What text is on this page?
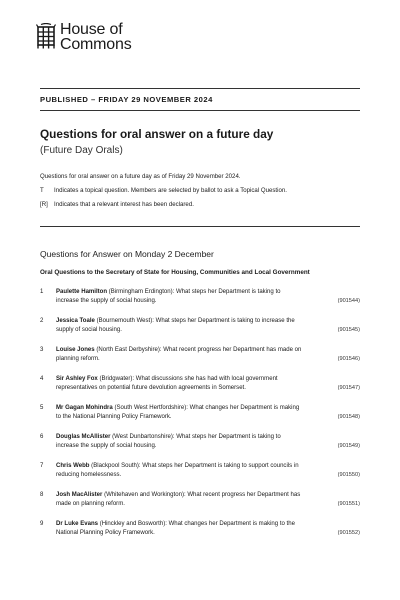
House of
Commons
PUBLISHED – FRIDAY 29 NOVEMBER 2024
Questions for oral answer on a future day
(Future Day Orals)
Questions for oral answer on a future day as of Friday 29 November 2024.
T	Indicates a topical question. Members are selected by ballot to ask a Topical Question.
[R]	Indicates that a relevant interest has been declared.
Questions for Answer on Monday 2 December
Oral Questions to the Secretary of State for Housing, Communities and Local Government
1	Paulette Hamilton (Birmingham Erdington): What steps her Department is taking to
increase the supply of social housing.	(901544)
2	Jessica Toale (Bournemouth West): What steps her Department is taking to increase the
supply of social housing.	(901545)
3	Louise Jones (North East Derbyshire): What recent progress her Department has made on
planning reform.	(901546)
4	Sir Ashley Fox (Bridgwater): What discussions she has had with local government
representatives on potential future devolution agreements in Somerset.	(901547)
5	Mr Gagan Mohindra (South West Hertfordshire): What changes her Department is making
to the National Planning Policy Framework.	(901548)
6	Douglas McAllister (West Dunbartonshire): What steps her Department is taking to
increase the supply of social housing.	(901549)
7	Chris Webb (Blackpool South): What steps her Department is taking to support councils in
reducing homelessness.	(901550)
8	Josh MacAlister (Whitehaven and Workington): What recent progress her Department has
made on planning reform.	(901551)
9	Dr Luke Evans (Hinckley and Bosworth): What changes her Department is making to the
National Planning Policy Framework.	(901552)
